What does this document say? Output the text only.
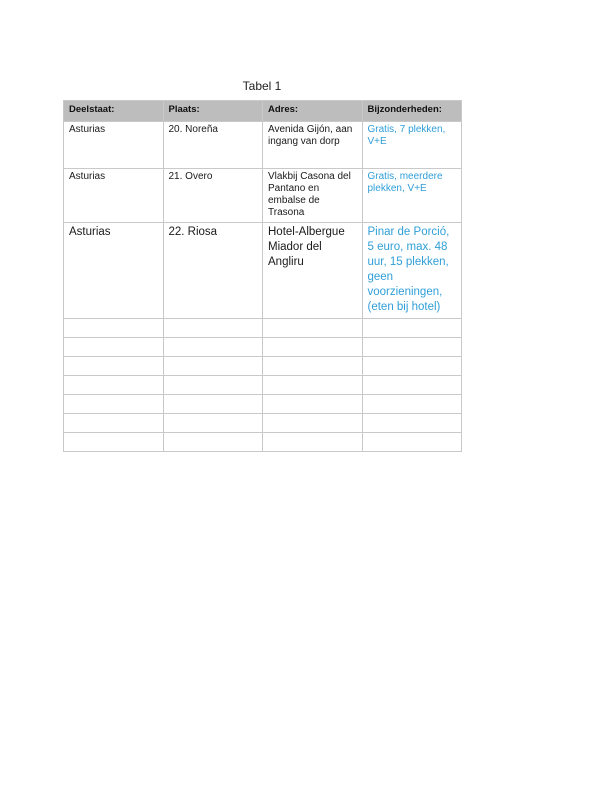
Tabel 1
Deelstaat:	Plaats:	Adres:	Bijzonderheden:
Asturias	20. Noreña	Avenida Gijón, aan ingang van dorp	Gratis, 7 plekken, V+E
Asturias	21. Overo	Vlakbij Casona del Pantano en embalse de Trasona	Gratis, meerdere plekken, V+E
Asturias	22. Riosa	Hotel-Albergue Miador del Angliru	Pinar de Porció, 5 euro, max. 48 uur, 15 plekken, geen voorzieningen, (eten bij hotel)
